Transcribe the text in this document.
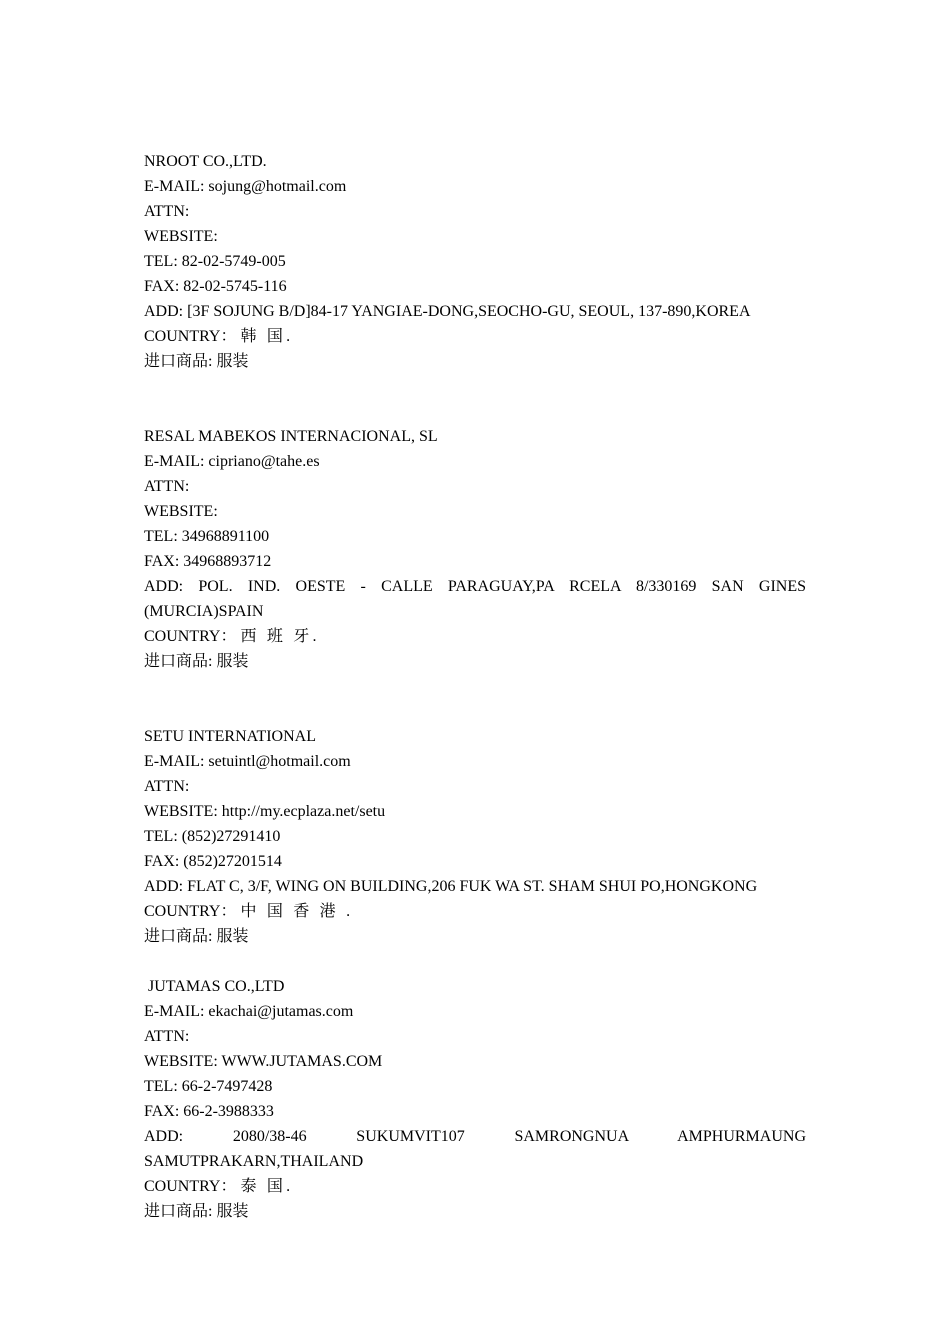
NROOT CO.,LTD.
E-MAIL: sojung@hotmail.com
ATTN:
WEBSITE:
TEL: 82-02-5749-005
FAX: 82-02-5745-116
ADD: [3F SOJUNG B/D]84-17 YANGIAE-DONG,SEOCHO-GU, SEOUL, 137-890,KOREA
COUNTRY： 韩 国.
进口商品: 服装
RESAL MABEKOS INTERNACIONAL, SL
E-MAIL: cipriano@tahe.es
ATTN:
WEBSITE:
TEL: 34968891100
FAX: 34968893712
ADD: POL. IND. OESTE - CALLE PARAGUAY,PA RCELA 8/330169 SAN GINES (MURCIA)SPAIN
COUNTRY： 西 班 牙.
进口商品: 服装
SETU INTERNATIONAL
E-MAIL: setuintl@hotmail.com
ATTN:
WEBSITE: http://my.ecplaza.net/setu
TEL: (852)27291410
FAX: (852)27201514
ADD: FLAT C, 3/F, WING ON BUILDING,206 FUK WA ST. SHAM SHUI PO,HONGKONG
COUNTRY： 中 国 香 港 .
进口商品: 服装
JUTAMAS CO.,LTD
E-MAIL: ekachai@jutamas.com
ATTN:
WEBSITE: WWW.JUTAMAS.COM
TEL: 66-2-7497428
FAX: 66-2-3988333
ADD: 2080/38-46 SUKUMVIT107 SAMRONGNUA AMPHURMAUNG
SAMUTPRAKARN,THAILAND
COUNTRY： 泰 国.
进口商品: 服装
